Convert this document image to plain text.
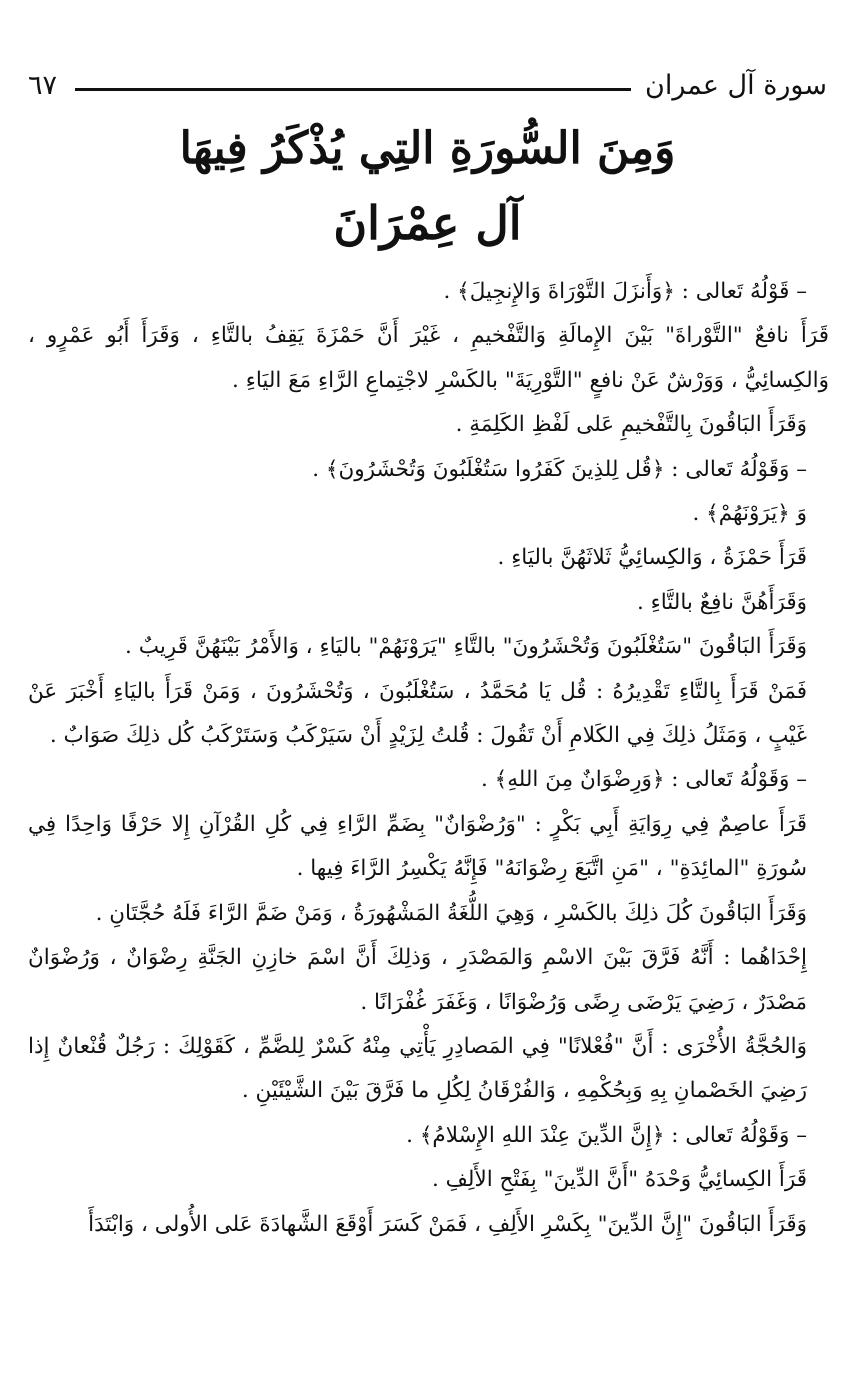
سورة آل عمران
٦٧
وَمِنَ السُّورَةِ التِي يُذْكَرُ فِيهَا
آل عِمْرَانَ

– قَوْلُهُ تَعالى : ﴿وَأَنزَلَ التَّوْرَاةَ وَالإِنجِيلَ﴾ .

قَرَأَ نافعٌ "التَّوْراةَ" بَيْنَ الإِمالَةِ وَالتَّفْخيمِ ، غَيْرَ أَنَّ حَمْزَةَ يَقِفُ بالتَّاءِ ، وَقَرَأَ أَبُو عَمْرٍو ، وَالكِسائِيُّ ، وَوَرْشٌ عَنْ نافعٍ "التَّوْرِيَةَ" بالكَسْرِ لاجْتِماعِ الرَّاءِ مَعَ اليَاءِ .

وَقَرَأَ البَاقُونَ بِالتَّفْخيمِ عَلى لَفْظِ الكَلِمَةِ .

– وَقَوْلُهُ تَعالى : ﴿قُل لِلذِينَ كَفَرُوا سَتُغْلَبُونَ وَتُحْشَرُونَ﴾ .

وَ ﴿يَرَوْنَهُمْ﴾ .

قَرَأَ حَمْزَةُ ، وَالكِسائِيُّ ثَلاثَهُنَّ باليَاءِ .

وَقَرَأَهُنَّ نافِعٌ بالتَّاءِ .

وَقَرَأَ البَاقُونَ "سَتُغْلَبُونَ وَتُحْشَرُونَ" بالتَّاءِ "يَرَوْنَهُمْ" باليَاءِ ، وَالأَمْرُ بَيْنَهُنَّ قَرِيبٌ .

فَمَنْ قَرَأَ بِالتَّاءِ تَقْدِيرُهُ : قُل يَا مُحَمَّدُ ، سَتُغْلَبُونَ ، وَتُحْشَرُونَ ، وَمَنْ قَرَأَ باليَاءِ أَخْبَرَ عَنْ غَيْبٍ ، وَمَثَلُ ذلِكَ فِي الكَلامِ أَنْ تَقُولَ : قُلتُ لِزَيْدٍ أَنْ سَيَرْكَبُ وَسَتَرْكَبُ كُل ذلِكَ صَوَابٌ .

– وَقَوْلُهُ تَعالى : ﴿وَرِضْوَانٌ مِنَ اللهِ﴾ .

قَرَأَ عاصِمٌ فِي رِوَايَةِ أَبِي بَكْرٍ : "وَرُضْوَانٌ" بِضَمِّ الرَّاءِ فِي كُلِ القُرْآنِ إِلا حَرْفًا وَاحِدًا فِي سُورَةِ "المائِدَةِ" ، "مَنِ اتَّبَعَ رِضْوَانَهُ" فَإِنَّهُ يَكْسِرُ الرَّاءَ فِيها .

وَقَرَأَ البَاقُونَ كُلَ ذلِكَ بالكَسْرِ ، وَهِيَ اللُّغَةُ المَشْهُورَةُ ، وَمَنْ ضَمَّ الرَّاءَ فَلَهُ حُجَّتَانِ .

إِحْدَاهُما : أَنَّهُ فَرَّقَ بَيْنَ الاسْمِ وَالمَصْدَرِ ، وَذلِكَ أَنَّ اسْمَ خازِنِ الجَنَّةِ رِضْوَانٌ ، وَرُضْوَانٌ مَصْدَرٌ ، رَضِيَ يَرْضَى رِضًى وَرُضْوَانًا ، وَغَفَرَ غُفْرَانًا .

وَالحُجَّةُ الأُخْرَى : أَنَّ "فُعْلانًا" فِي المَصادِرِ يَأْتِي مِنْهُ كَسْرٌ لِلضَّمِّ ، كَقَوْلِكَ : رَجُلٌ قُنْعانٌ إِذا رَضِيَ الخَصْمانِ بِهِ وَبِحُكْمِهِ ، وَالفُرْقَانُ لِكُلِ ما فَرَّقَ بَيْنَ الشَّيْئَيْنِ .

– وَقَوْلُهُ تَعالى : ﴿إِنَّ الدِّينَ عِنْدَ اللهِ الإِسْلامُ﴾ .

قَرَأَ الكِسائِيُّ وَحْدَهُ "أَنَّ الدِّينَ" بِفَتْحِ الأَلِفِ .

وَقَرَأَ البَاقُونَ "إِنَّ الدِّينَ" بِكَسْرِ الأَلِفِ ، فَمَنْ كَسَرَ أَوْقَعَ الشَّهادَةَ عَلى الأُولى ، وَابْتَدَأَ
